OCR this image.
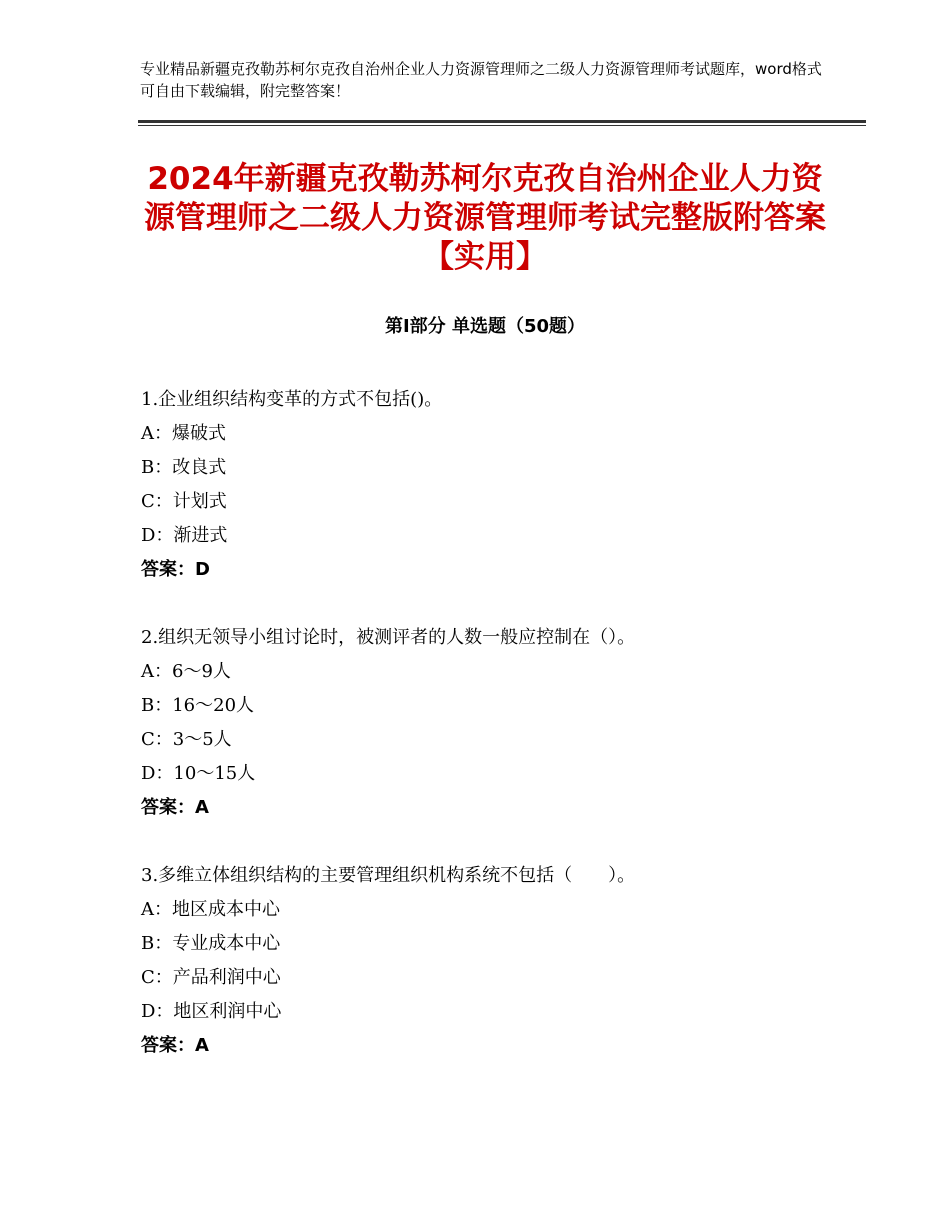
专业精品新疆克孜勒苏柯尔克孜自治州企业人力资源管理师之二级人力资源管理师考试题库，word格式可自由下载编辑，附完整答案！
2024年新疆克孜勒苏柯尔克孜自治州企业人力资源管理师之二级人力资源管理师考试完整版附答案【实用】
第Ⅰ部分 单选题（50题）
1.企业组织结构变革的方式不包括()。
A：爆破式
B：改良式
C：计划式
D：渐进式
答案：D
2.组织无领导小组讨论时，被测评者的人数一般应控制在（）。
A：6～9人
B：16～20人
C：3～5人
D：10～15人
答案：A
3.多维立体组织结构的主要管理组织机构系统不包括（　　）。
A：地区成本中心
B：专业成本中心
C：产品利润中心
D：地区利润中心
答案：A
